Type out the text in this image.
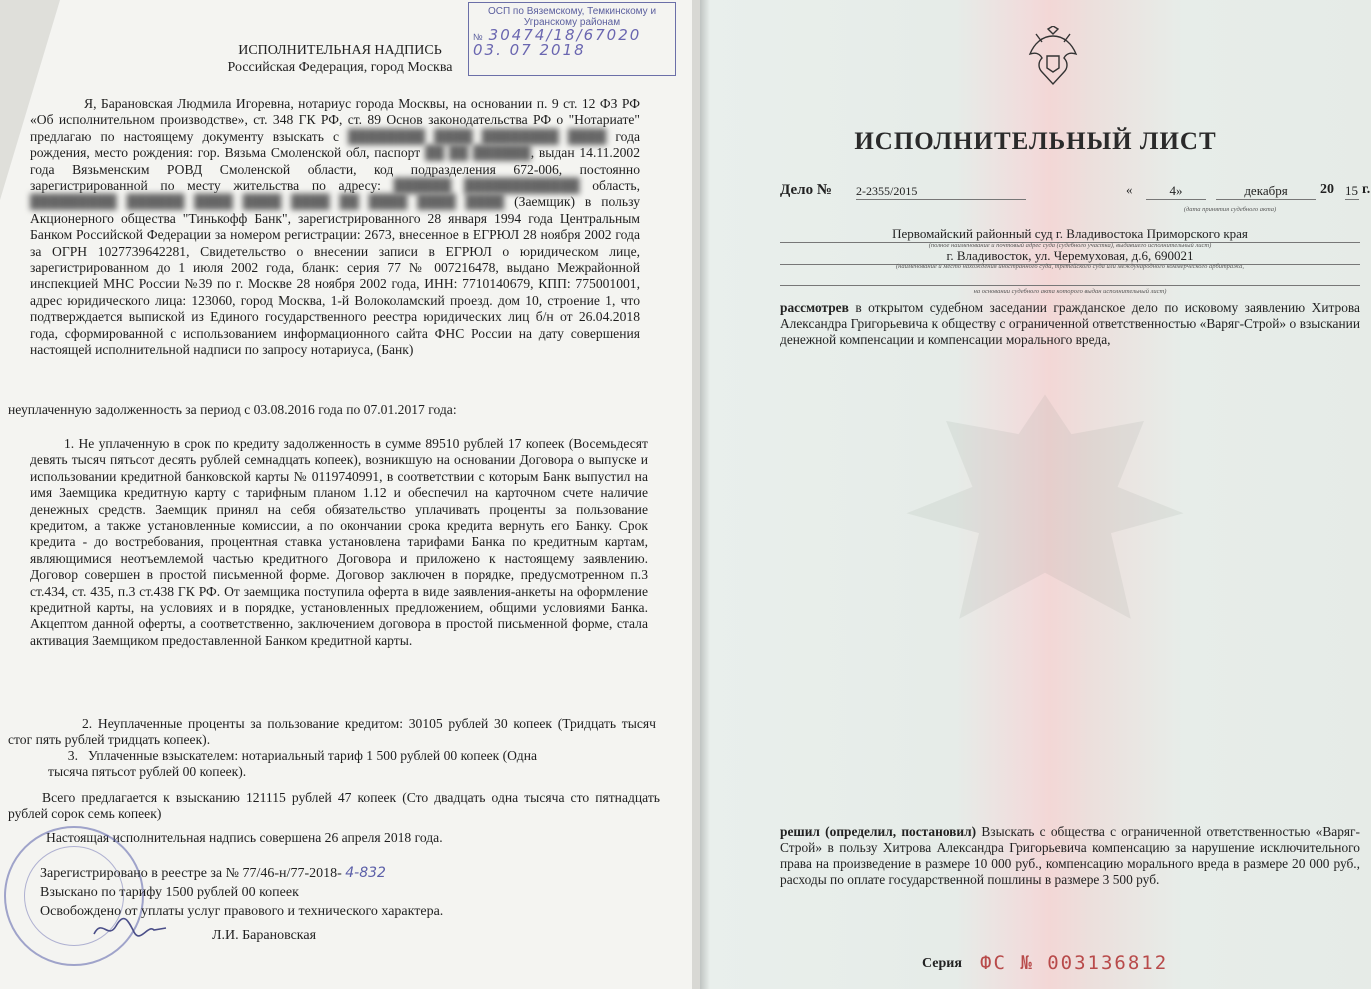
ОСП по Вяземскому, Темкинскому и Угранскому районам
№ 30474/18/67020
03. 07 2018
ИСПОЛНИТЕЛЬНАЯ НАДПИСЬ
Российская Федерация, город Москва
Я, Барановская Людмила Игоревна, нотариус города Москвы, на основании п. 9 ст. 12 ФЗ РФ «Об исполнительном производстве», ст. 348 ГК РФ, ст. 89 Основ законодательства РФ о "Нотариате" предлагаю по настоящему документу взыскать с ████████ ████ ████████ ████ года рождения, место рождения: гор. Вязьма Смоленской обл, паспорт ██ ██ ██████, выдан 14.11.2002 года Вязьменским РОВД Смоленской области, код подразделения 672-006, постоянно зарегистрированной по месту жительства по адресу: ██████ ████████████ область, █████████ ██████ ████ ████ ████ ██ ████ ████ ████ (Заемщик) в пользу Акционерного общества "Тинькофф Банк", зарегистрированного 28 января 1994 года Центральным Банком Российской Федерации за номером регистрации: 2673, внесенное в ЕГРЮЛ 28 ноября 2002 года за ОГРН 1027739642281, Свидетельство о внесении записи в ЕГРЮЛ о юридическом лице, зарегистрированном до 1 июля 2002 года, бланк: серия 77 № 007216478, выдано Межрайонной инспекцией МНС России №39 по г. Москве 28 ноября 2002 года, ИНН: 7710140679, КПП: 775001001, адрес юридического лица: 123060, город Москва, 1-й Волоколамский проезд. дом 10, строение 1, что подтверждается выпиской из Единого государственного реестра юридических лиц б/н от 26.04.2018 года, сформированной с использованием информационного сайта ФНС России на дату совершения настоящей исполнительной надписи по запросу нотариуса, (Банк)
неуплаченную задолженность за период с 03.08.2016 года по 07.01.2017 года:
1. Не уплаченную в срок по кредиту задолженность в сумме 89510 рублей 17 копеек (Восемьдесят девять тысяч пятьсот десять рублей семнадцать копеек), возникшую на основании Договора о выпуске и использовании кредитной банковской карты № 0119740991, в соответствии с которым Банк выпустил на имя Заемщика кредитную карту с тарифным планом 1.12 и обеспечил на карточном счете наличие денежных средств. Заемщик принял на себя обязательство уплачивать проценты за пользование кредитом, а также установленные комиссии, а по окончании срока кредита вернуть его Банку. Срок кредита - до востребования, процентная ставка установлена тарифами Банка по кредитным картам, являющимися неотъемлемой частью кредитного Договора и приложено к настоящему заявлению. Договор совершен в простой письменной форме. Договор заключен в порядке, предусмотренном п.3 ст.434, ст. 435, п.3 ст.438 ГК РФ. От заемщика поступила оферта в виде заявления-анкеты на оформление кредитной карты, на условиях и в порядке, установленных предложением, общими условиями Банка. Акцептом данной оферты, а соответственно, заключением договора в простой письменной форме, стала активация Заемщиком предоставленной Банком кредитной карты.
2. Неуплаченные проценты за пользование кредитом: 30105 рублей 30 копеек (Тридцать тысяч стог пять рублей тридцать копеек).
3. Уплаченные взыскателем: нотариальный тариф 1 500 рублей 00 копеек (Одна
тысяча пятьсот рублей 00 копеек).
Всего предлагается к взысканию 121115 рублей 47 копеек (Сто двадцать одна тысяча сто пятнадцать рублей сорок семь копеек)
Настоящая исполнительная надпись совершена 26 апреля 2018 года.
Зарегистрировано в реестре за № 77/46-н/77-2018- 4-832
Взыскано по тарифу 1500 рублей 00 копеек
Освобождено от уплаты услуг правового и технического характера.
Л.И. Барановская
ИСПОЛНИТЕЛЬНЫЙ ЛИСТ
Дело № 2-2355/2015	«	4»	декабря	20 15 г.
(дата принятия судебного акта)
Первомайский районный суд г. Владивостока Приморского края
(полное наименование и почтовый адрес суда (судебного участка), выдавшего исполнительный лист)
г. Владивосток, ул. Черемуховая, д.6, 690021
(наименование и место нахождения иностранного суда, третейского суда или международного коммерческого арбитража,
на основании судебного акта которого выдан исполнительный лист)
рассмотрев в открытом судебном заседании гражданское дело по исковому заявлению Хитрова Александра Григорьевича к обществу с ограниченной ответственностью «Варяг-Строй» о взыскании денежной компенсации и компенсации морального вреда,
решил (определил, постановил) Взыскать с общества с ограниченной ответственностью «Варяг-Строй» в пользу Хитрова Александра Григорьевича компенсацию за нарушение исключительного права на произведение в размере 10 000 руб., компенсацию морального вреда в размере 20 000 руб., расходы по оплате государственной пошлины в размере 3 500 руб.
Серия ФС № 003136812
